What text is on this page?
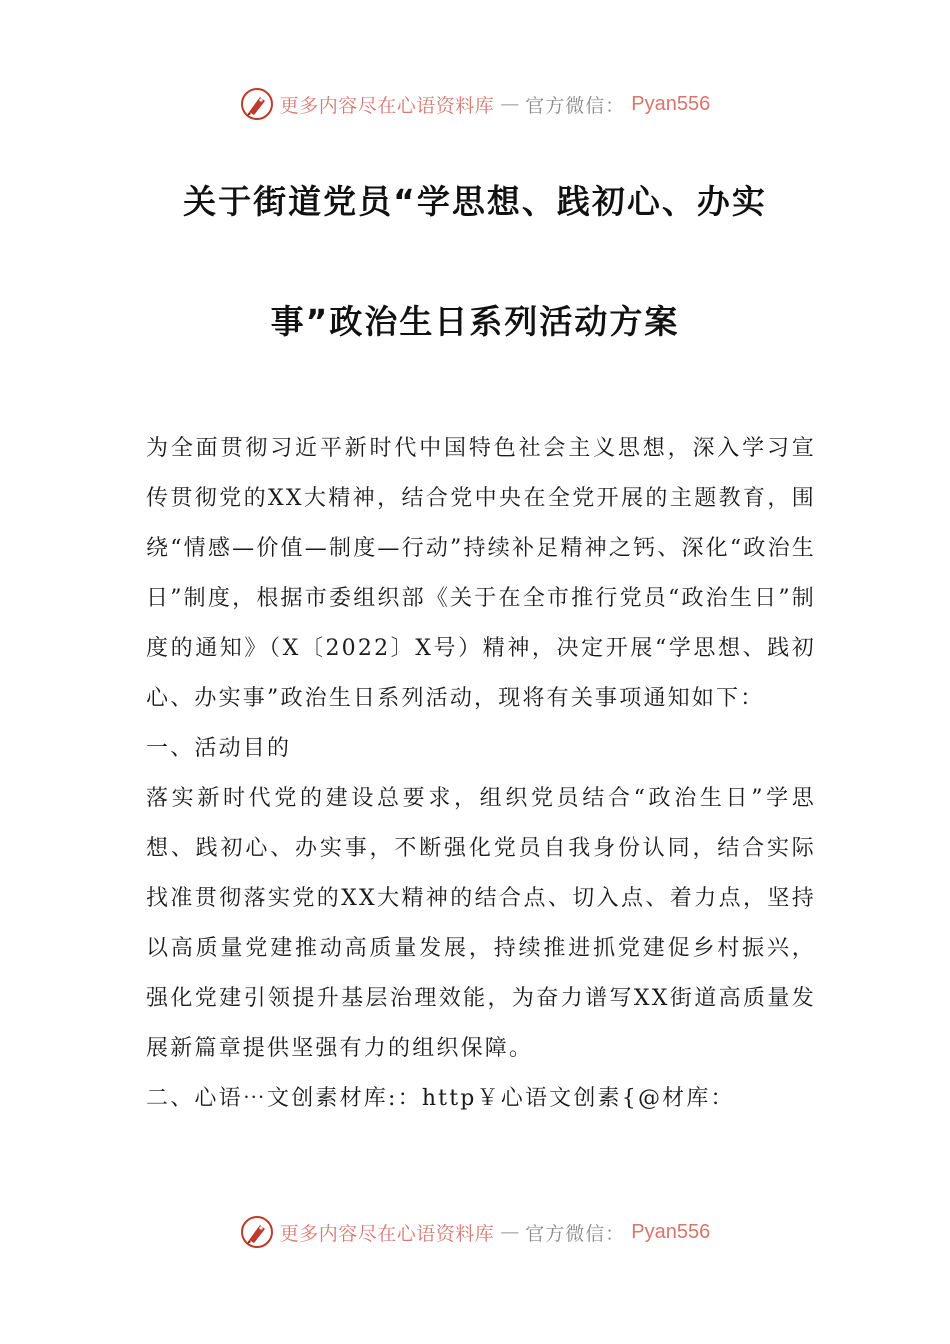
更多内容尽在心语资料库 — 官方微信： Pyan556
关于街道党员“学思想、践初心、办实
事”政治生日系列活动方案

为全面贯彻习近平新时代中国特色社会主义思想，深入学习宣传贯彻党的XX大精神，结合党中央在全党开展的主题教育，围绕“情感—价值—制度—行动”持续补足精神之钙、深化“政治生日”制度，根据市委组织部《关于在全市推行党员“政治生日”制度的通知》（X〔2022〕X号）精神，决定开展“学思想、践初心、办实事”政治生日系列活动，现将有关事项通知如下：

一、活动目的

落实新时代党的建设总要求，组织党员结合“政治生日”学思想、践初心、办实事，不断强化党员自我身份认同，结合实际找准贯彻落实党的XX大精神的结合点、切入点、着力点，坚持以高质量党建推动高质量发展，持续推进抓党建促乡村振兴，强化党建引领提升基层治理效能，为奋力谱写XX街道高质量发展新篇章提供坚强有力的组织保障。

二、心语⋯文创素材库:：http￥心语文创素{@材库：

更多内容尽在心语资料库 — 官方微信： Pyan556
